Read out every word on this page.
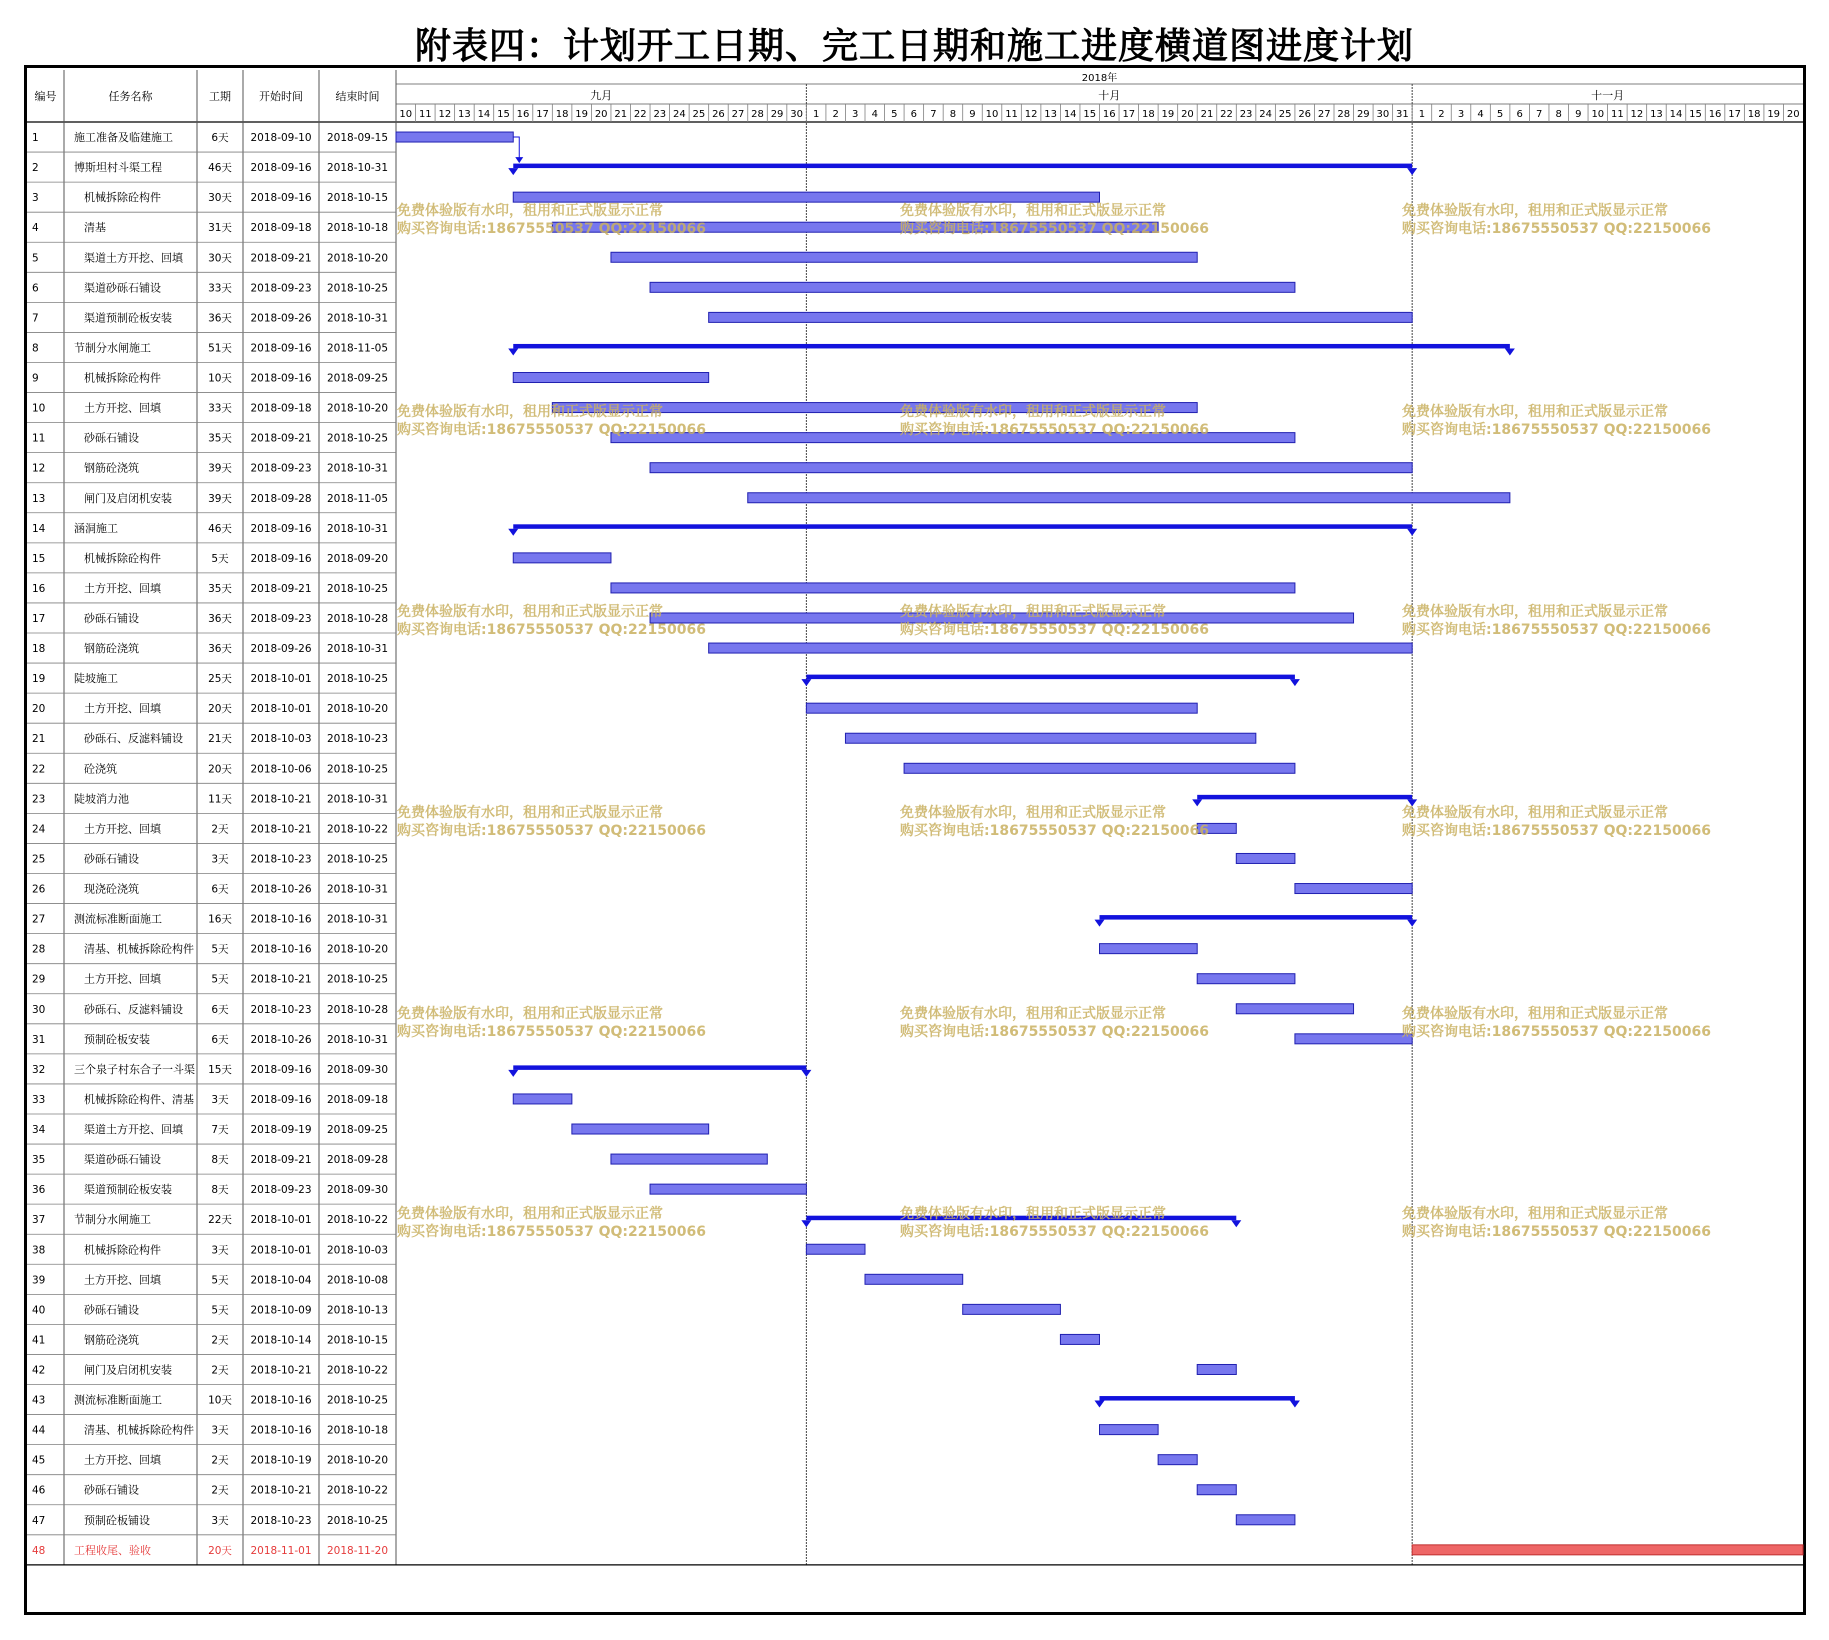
附表四：计划开工日期、完工日期和施工进度横道图进度计划
2018年
九月
10 11 12 13 14 15 16 17 18 19 20 21 22 23 24 25 26 27 28 29 30
十月
1 2 3 4 5 6 7 8 9 10 11 12 13 14 15 16 17 18 19 20 21 22 23 24 25 26 27 28 29 30 31
十一月
1 2 3 4 5 6 7 8 9 10 11 12 13 14 15 16 17 18 19 20
编号	任务名称	工期	开始时间	结束时间
1	施工准备及临建施工	6天 2018-09-10 2018-09-15
2	博斯坦村斗渠工程	46天 2018-09-16 2018-10-31
3	机械拆除砼构件	30天 2018-09-16 2018-10-15
4	清基	31天 2018-09-18 2018-10-18
5	渠道土方开挖、回填 30天 2018-09-21 2018-10-20
6	渠道砂砾石铺设	33天 2018-09-23 2018-10-25
7	渠道预制砼板安装	36天 2018-09-26 2018-10-31
8	节制分水闸施工	51天 2018-09-16 2018-11-05
9	机械拆除砼构件	10天 2018-09-16 2018-09-25
10	土方开挖、回填	33天 2018-09-18 2018-10-20
11	砂砾石铺设	35天 2018-09-21 2018-10-25
12	钢筋砼浇筑	39天 2018-09-23 2018-10-31
13	闸门及启闭机安装	39天 2018-09-28 2018-11-05
14	涵洞施工	46天 2018-09-16 2018-10-31
15	机械拆除砼构件	5天 2018-09-16 2018-09-20
16	土方开挖、回填	35天 2018-09-21 2018-10-25
17	砂砾石铺设	36天 2018-09-23 2018-10-28
18	钢筋砼浇筑	36天 2018-09-26 2018-10-31
19	陡坡施工	25天 2018-10-01 2018-10-25
20	土方开挖、回填	20天 2018-10-01 2018-10-20
21	砂砾石、反滤料铺设 21天 2018-10-03 2018-10-23
22	砼浇筑	20天 2018-10-06 2018-10-25
23	陡坡消力池	11天 2018-10-21 2018-10-31
24	土方开挖、回填	2天 2018-10-21 2018-10-22
25	砂砾石铺设	3天 2018-10-23 2018-10-25
26	现浇砼浇筑	6天 2018-10-26 2018-10-31
27	测流标准断面施工	16天 2018-10-16 2018-10-31
28	清基、机械拆除砼构件 5天 2018-10-16 2018-10-20
29	土方开挖、回填	5天 2018-10-21 2018-10-25
30	砂砾石、反滤料铺设	6天 2018-10-23 2018-10-28
31	预制砼板安装	6天 2018-10-26 2018-10-31
32	三个泉子村东合子一斗渠 15天 2018-09-16 2018-09-30
33	机械拆除砼构件、清基 3天 2018-09-16 2018-09-18
34	渠道土方开挖、回填	7天 2018-09-19 2018-09-25
35	渠道砂砾石铺设	8天 2018-09-21 2018-09-28
36	渠道预制砼板安装	8天 2018-09-23 2018-09-30
37	节制分水闸施工	22天 2018-10-01 2018-10-22
38	机械拆除砼构件	3天 2018-10-01 2018-10-03
39	土方开挖、回填	5天 2018-10-04 2018-10-08
40	砂砾石铺设	5天 2018-10-09 2018-10-13
41	钢筋砼浇筑	2天 2018-10-14 2018-10-15
42	闸门及启闭机安装	2天 2018-10-21 2018-10-22
43	测流标准断面施工	10天 2018-10-16 2018-10-25
44	清基、机械拆除砼构件 3天 2018-10-16 2018-10-18
45	土方开挖、回填	2天 2018-10-19 2018-10-20
46	砂砾石铺设	2天 2018-10-21 2018-10-22
47	预制砼板铺设	3天 2018-10-23 2018-10-25
48	工程收尾、验收	20天 2018-11-01 2018-11-20
免费体验版有水印，租用和正式版显示正常
购买咨询电话:18675550537 QQ:22150066
免费体验版有水印，租用和正式版显示正常
购买咨询电话:18675550537 QQ:22150066
免费体验版有水印，租用和正式版显示正常
购买咨询电话:18675550537 QQ:22150066
免费体验版有水印，租用和正式版显示正常
购买咨询电话:18675550537 QQ:22150066
免费体验版有水印，租用和正式版显示正常
购买咨询电话:18675550537 QQ:22150066
免费体验版有水印，租用和正式版显示正常
购买咨询电话:18675550537 QQ:22150066
免费体验版有水印，租用和正式版显示正常
购买咨询电话:18675550537 QQ:22150066
免费体验版有水印，租用和正式版显示正常
购买咨询电话:18675550537 QQ:22150066
免费体验版有水印，租用和正式版显示正常
购买咨询电话:18675550537 QQ:22150066
免费体验版有水印，租用和正式版显示正常
购买咨询电话:18675550537 QQ:22150066
免费体验版有水印，租用和正式版显示正常
购买咨询电话:18675550537 QQ:22150066
免费体验版有水印，租用和正式版显示正常
购买咨询电话:18675550537 QQ:22150066
免费体验版有水印，租用和正式版显示正常
购买咨询电话:18675550537 QQ:22150066
免费体验版有水印，租用和正式版显示正常
购买咨询电话:18675550537 QQ:22150066
免费体验版有水印，租用和正式版显示正常
购买咨询电话:18675550537 QQ:22150066
免费体验版有水印，租用和正式版显示正常
购买咨询电话:18675550537 QQ:22150066
免费体验版有水印，租用和正式版显示正常
购买咨询电话:18675550537 QQ:22150066
免费体验版有水印，租用和正式版显示正常
购买咨询电话:18675550537 QQ:22150066
